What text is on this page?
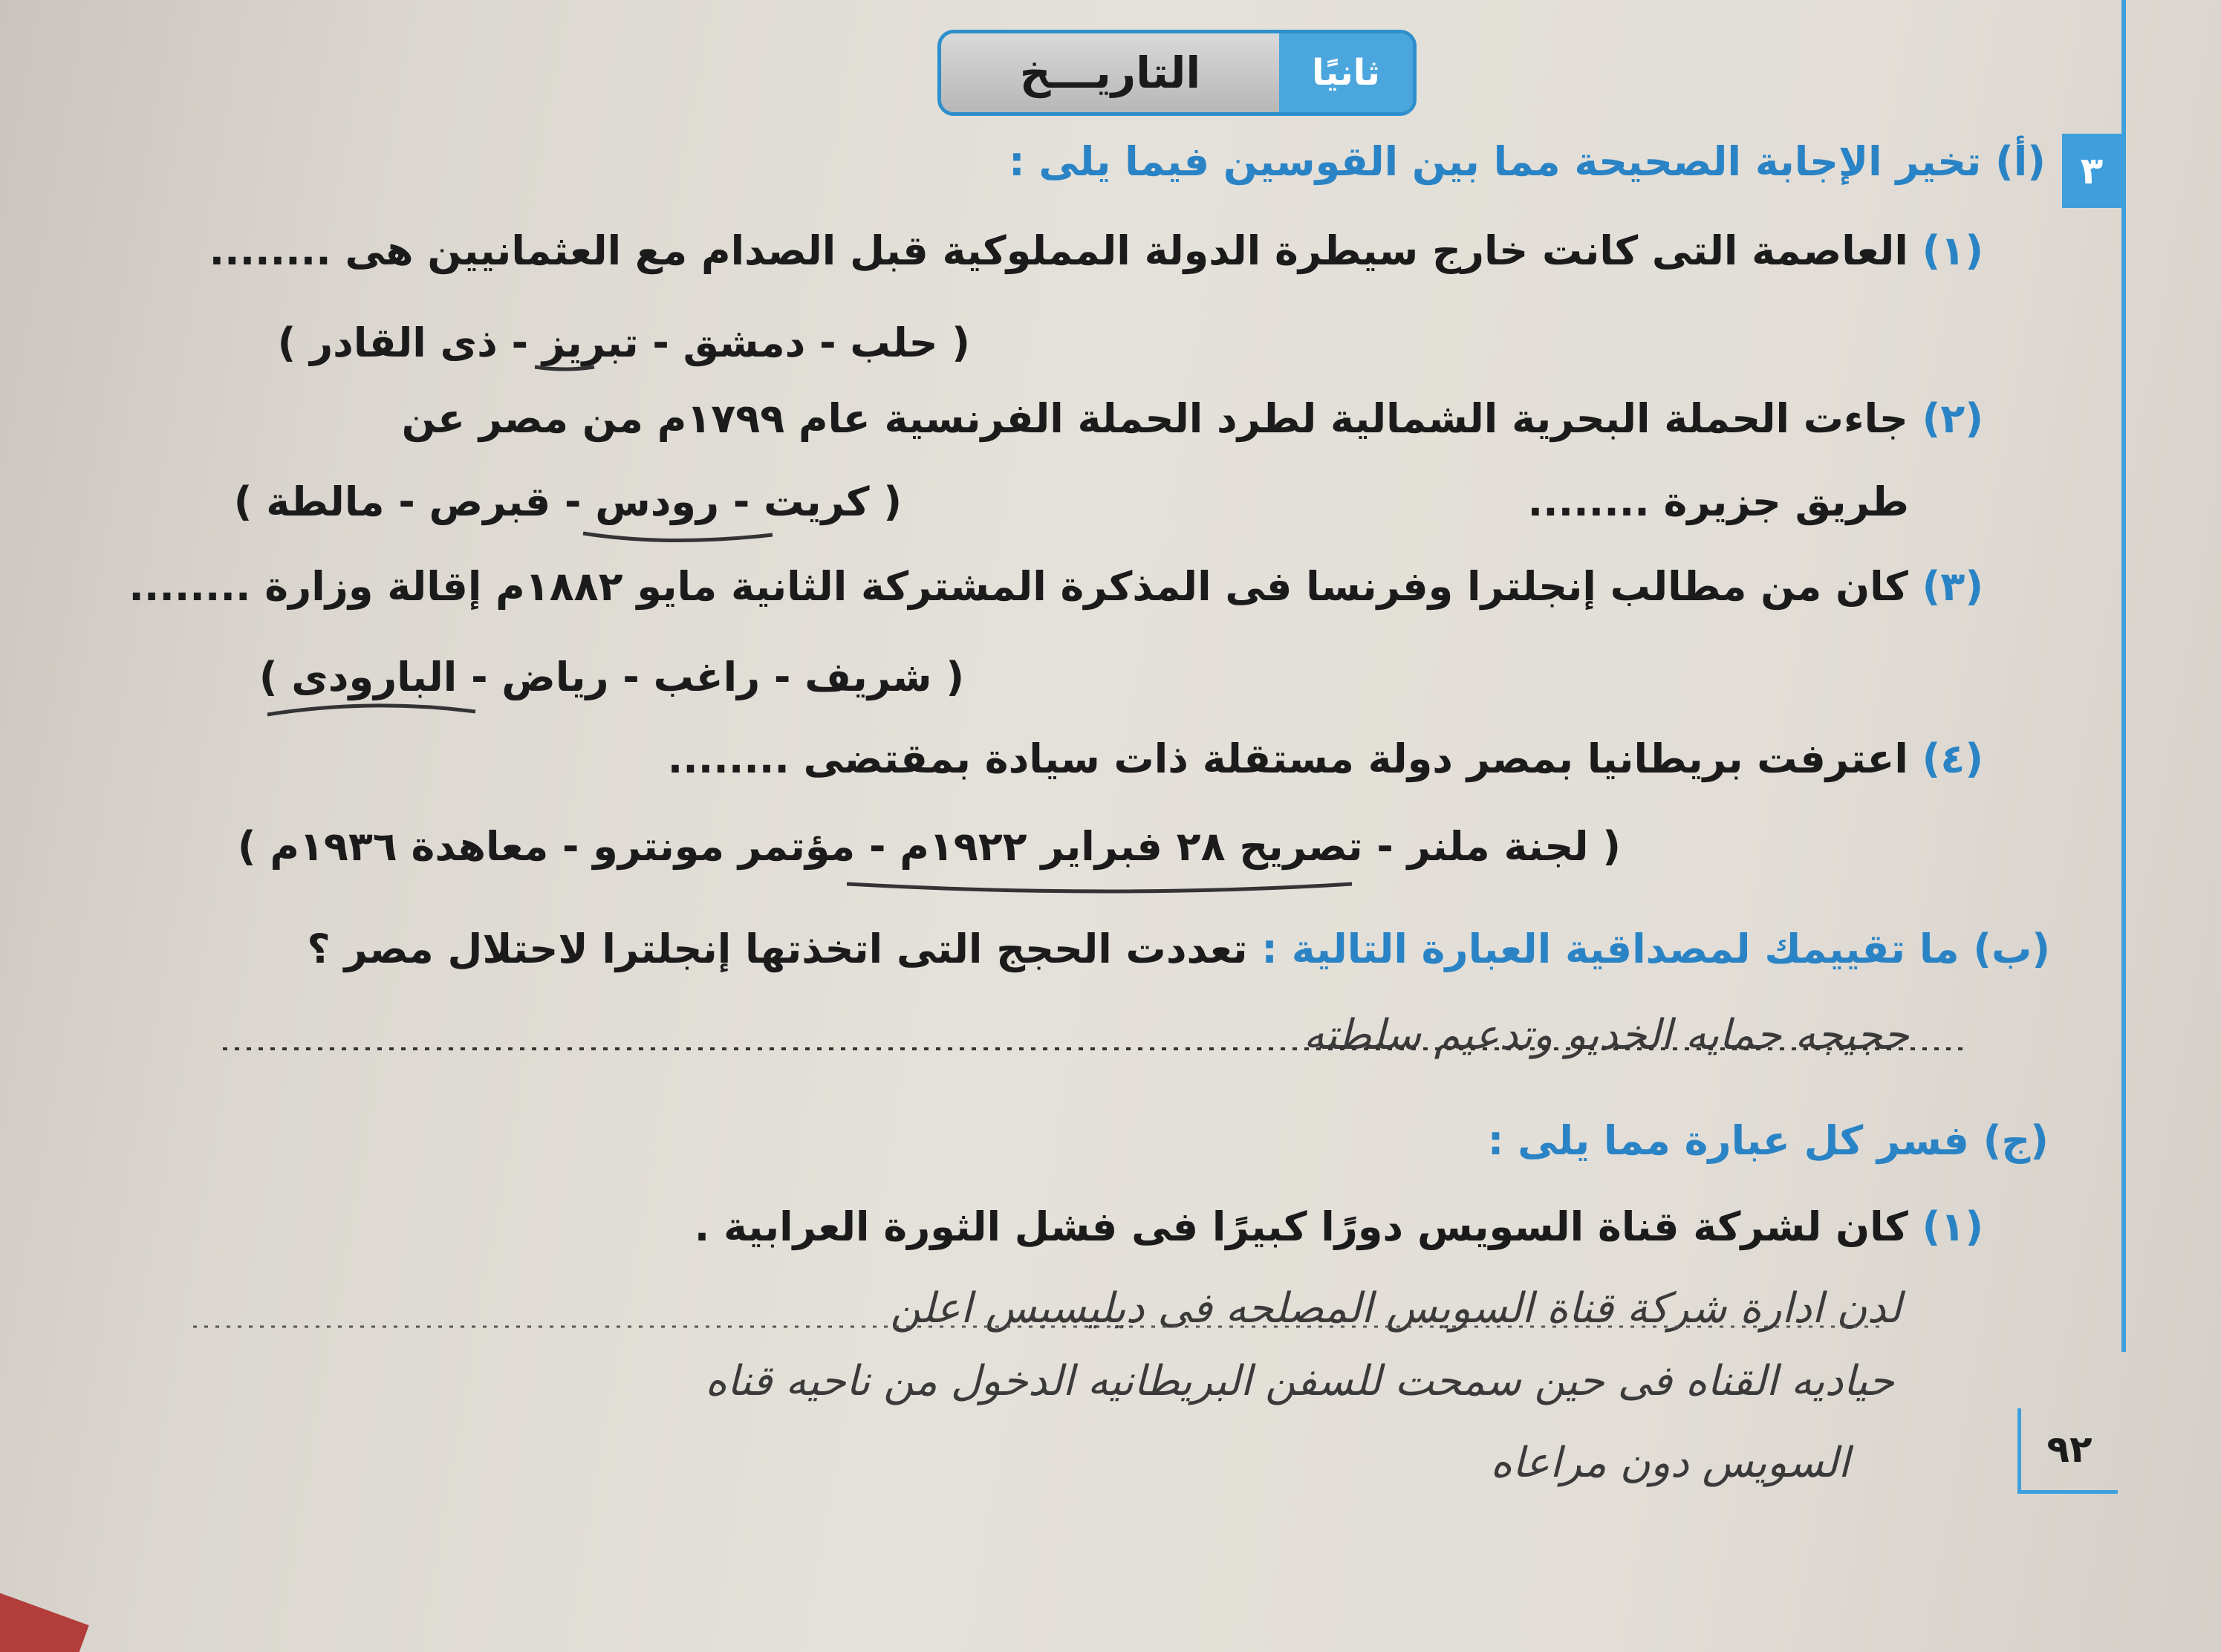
ثانيًا
التاريـــخ
٣
(أ) تخير الإجابة الصحيحة مما بين القوسين فيما يلى :
(١) العاصمة التى كانت خارج سيطرة الدولة المملوكية قبل الصدام مع العثمانيين هى ........
( حلب - دمشق - تبريز - ذى القادر )
(٢) جاءت الحملة البحرية الشمالية لطرد الحملة الفرنسية عام ١٧٩٩م من مصر عن
طريق جزيرة ........
( كريت - رودس - قبرص - مالطة )
(٣) كان من مطالب إنجلترا وفرنسا فى المذكرة المشتركة الثانية مايو ١٨٨٢م إقالة وزارة ........
( شريف - راغب - رياض - البارودى )
(٤) اعترفت بريطانيا بمصر دولة مستقلة ذات سيادة بمقتضى ........
( لجنة ملنر - تصريح ٢٨ فبراير ١٩٢٢م - مؤتمر مونترو - معاهدة ١٩٣٦م )
(ب) ما تقييمك لمصداقية العبارة التالية : تعددت الحجج التى اتخذتها إنجلترا لاحتلال مصر ؟
حجيجه حمايه الخديو وتدعيم سلطته
(ج) فسر كل عبارة مما يلى :
(١) كان لشركة قناة السويس دورًا كبيرًا فى فشل الثورة العرابية .
لدن ادارة شركة قناة السويس المصلحه فى ديليسبس اعلن
حياديه القناه فى حين سمحت للسفن البريطانيه الدخول من ناحيه قناه
السويس دون مراعاه	٩٢
